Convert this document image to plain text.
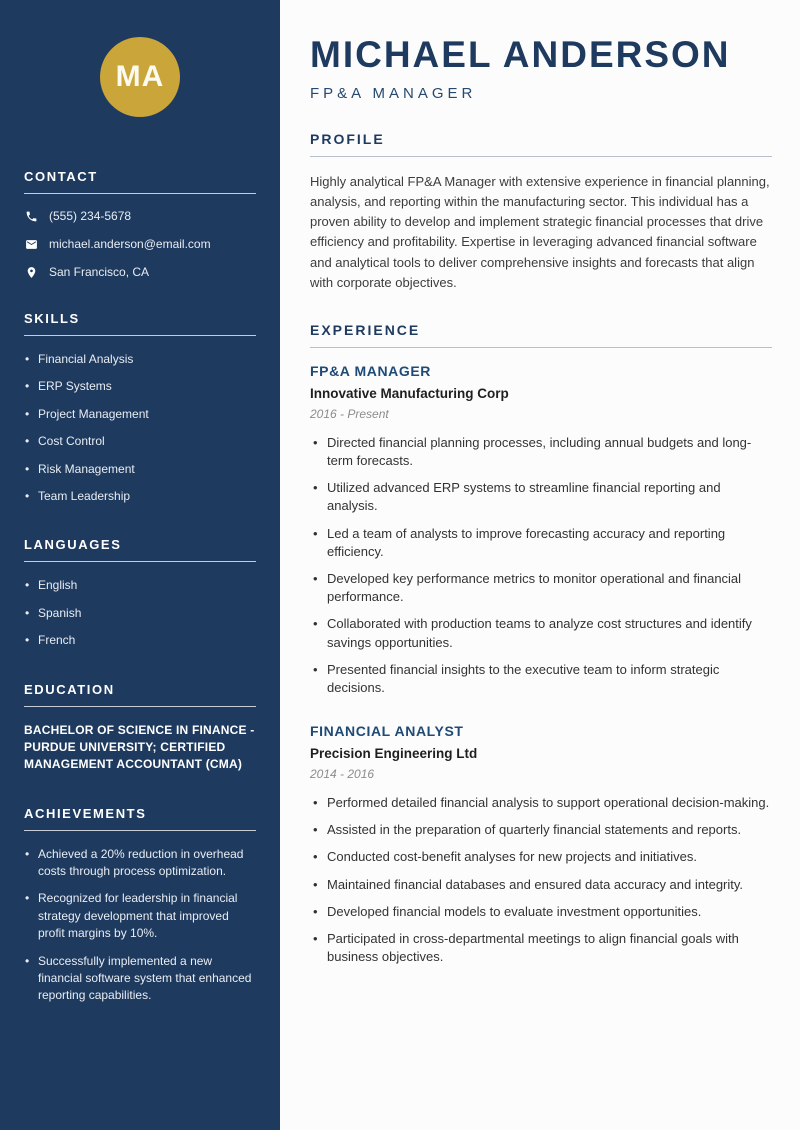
MA
CONTACT
(555) 234-5678
michael.anderson@email.com
San Francisco, CA
SKILLS
• Financial Analysis
• ERP Systems
• Project Management
• Cost Control
• Risk Management
• Team Leadership
LANGUAGES
• English
• Spanish
• French
EDUCATION
BACHELOR OF SCIENCE IN FINANCE - PURDUE UNIVERSITY; CERTIFIED MANAGEMENT ACCOUNTANT (CMA)
ACHIEVEMENTS
• Achieved a 20% reduction in overhead costs through process optimization.
• Recognized for leadership in financial strategy development that improved profit margins by 10%.
• Successfully implemented a new financial software system that enhanced reporting capabilities.
MICHAEL ANDERSON
FP&A MANAGER
PROFILE

Highly analytical FP&A Manager with extensive experience in financial planning, analysis, and reporting within the manufacturing sector. This individual has a proven ability to develop and implement strategic financial processes that drive efficiency and profitability. Expertise in leveraging advanced financial software and analytical tools to deliver comprehensive insights and forecasts that align with corporate objectives.

EXPERIENCE
FP&A MANAGER
Innovative Manufacturing Corp
2016 - Present
• Directed financial planning processes, including annual budgets and long-term forecasts.
• Utilized advanced ERP systems to streamline financial reporting and analysis.
• Led a team of analysts to improve forecasting accuracy and reporting efficiency.
• Developed key performance metrics to monitor operational and financial performance.
• Collaborated with production teams to analyze cost structures and identify savings opportunities.
• Presented financial insights to the executive team to inform strategic decisions.
FINANCIAL ANALYST
Precision Engineering Ltd
2014 - 2016
• Performed detailed financial analysis to support operational decision-making.
• Assisted in the preparation of quarterly financial statements and reports.
• Conducted cost-benefit analyses for new projects and initiatives.
• Maintained financial databases and ensured data accuracy and integrity.
• Developed financial models to evaluate investment opportunities.
• Participated in cross-departmental meetings to align financial goals with business objectives.
